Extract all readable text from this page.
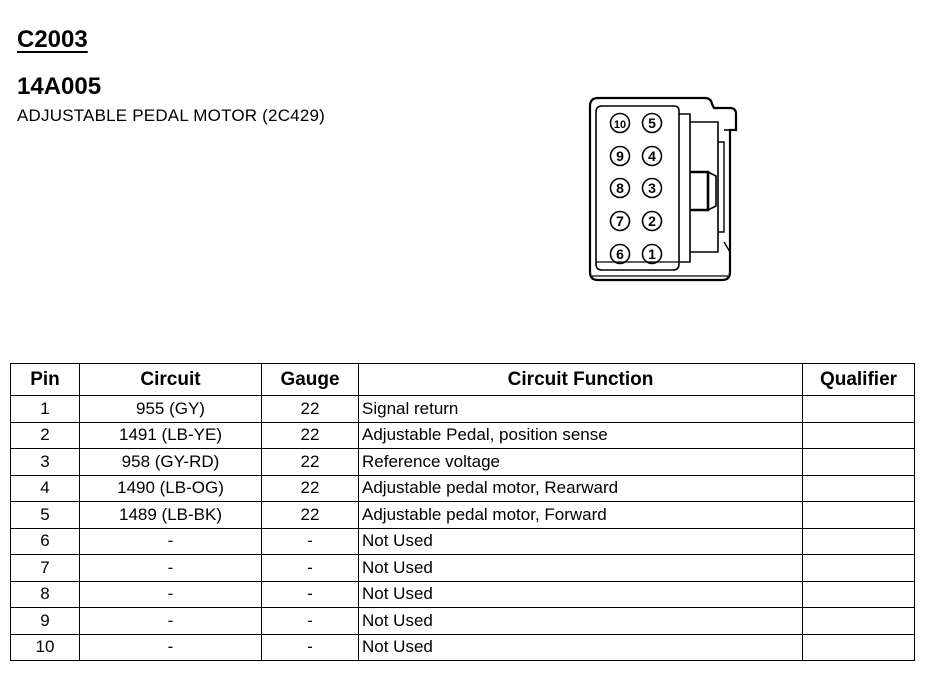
C2003
14A005
ADJUSTABLE PEDAL MOTOR (2C429)	10
9
8
7
6
5
4
3
2
1
Pin	Circuit	Gauge	Circuit Function	Qualifier
1	955 (GY)	22	Signal return	
2	1491 (LB-YE)	22	Adjustable Pedal, position sense	
3	958 (GY-RD)	22	Reference voltage	
4	1490 (LB-OG)	22	Adjustable pedal motor, Rearward	
5	1489 (LB-BK)	22	Adjustable pedal motor, Forward	
6	-	-	Not Used	
7	-	-	Not Used	
8	-	-	Not Used	
9	-	-	Not Used	
10	-	-	Not Used	
